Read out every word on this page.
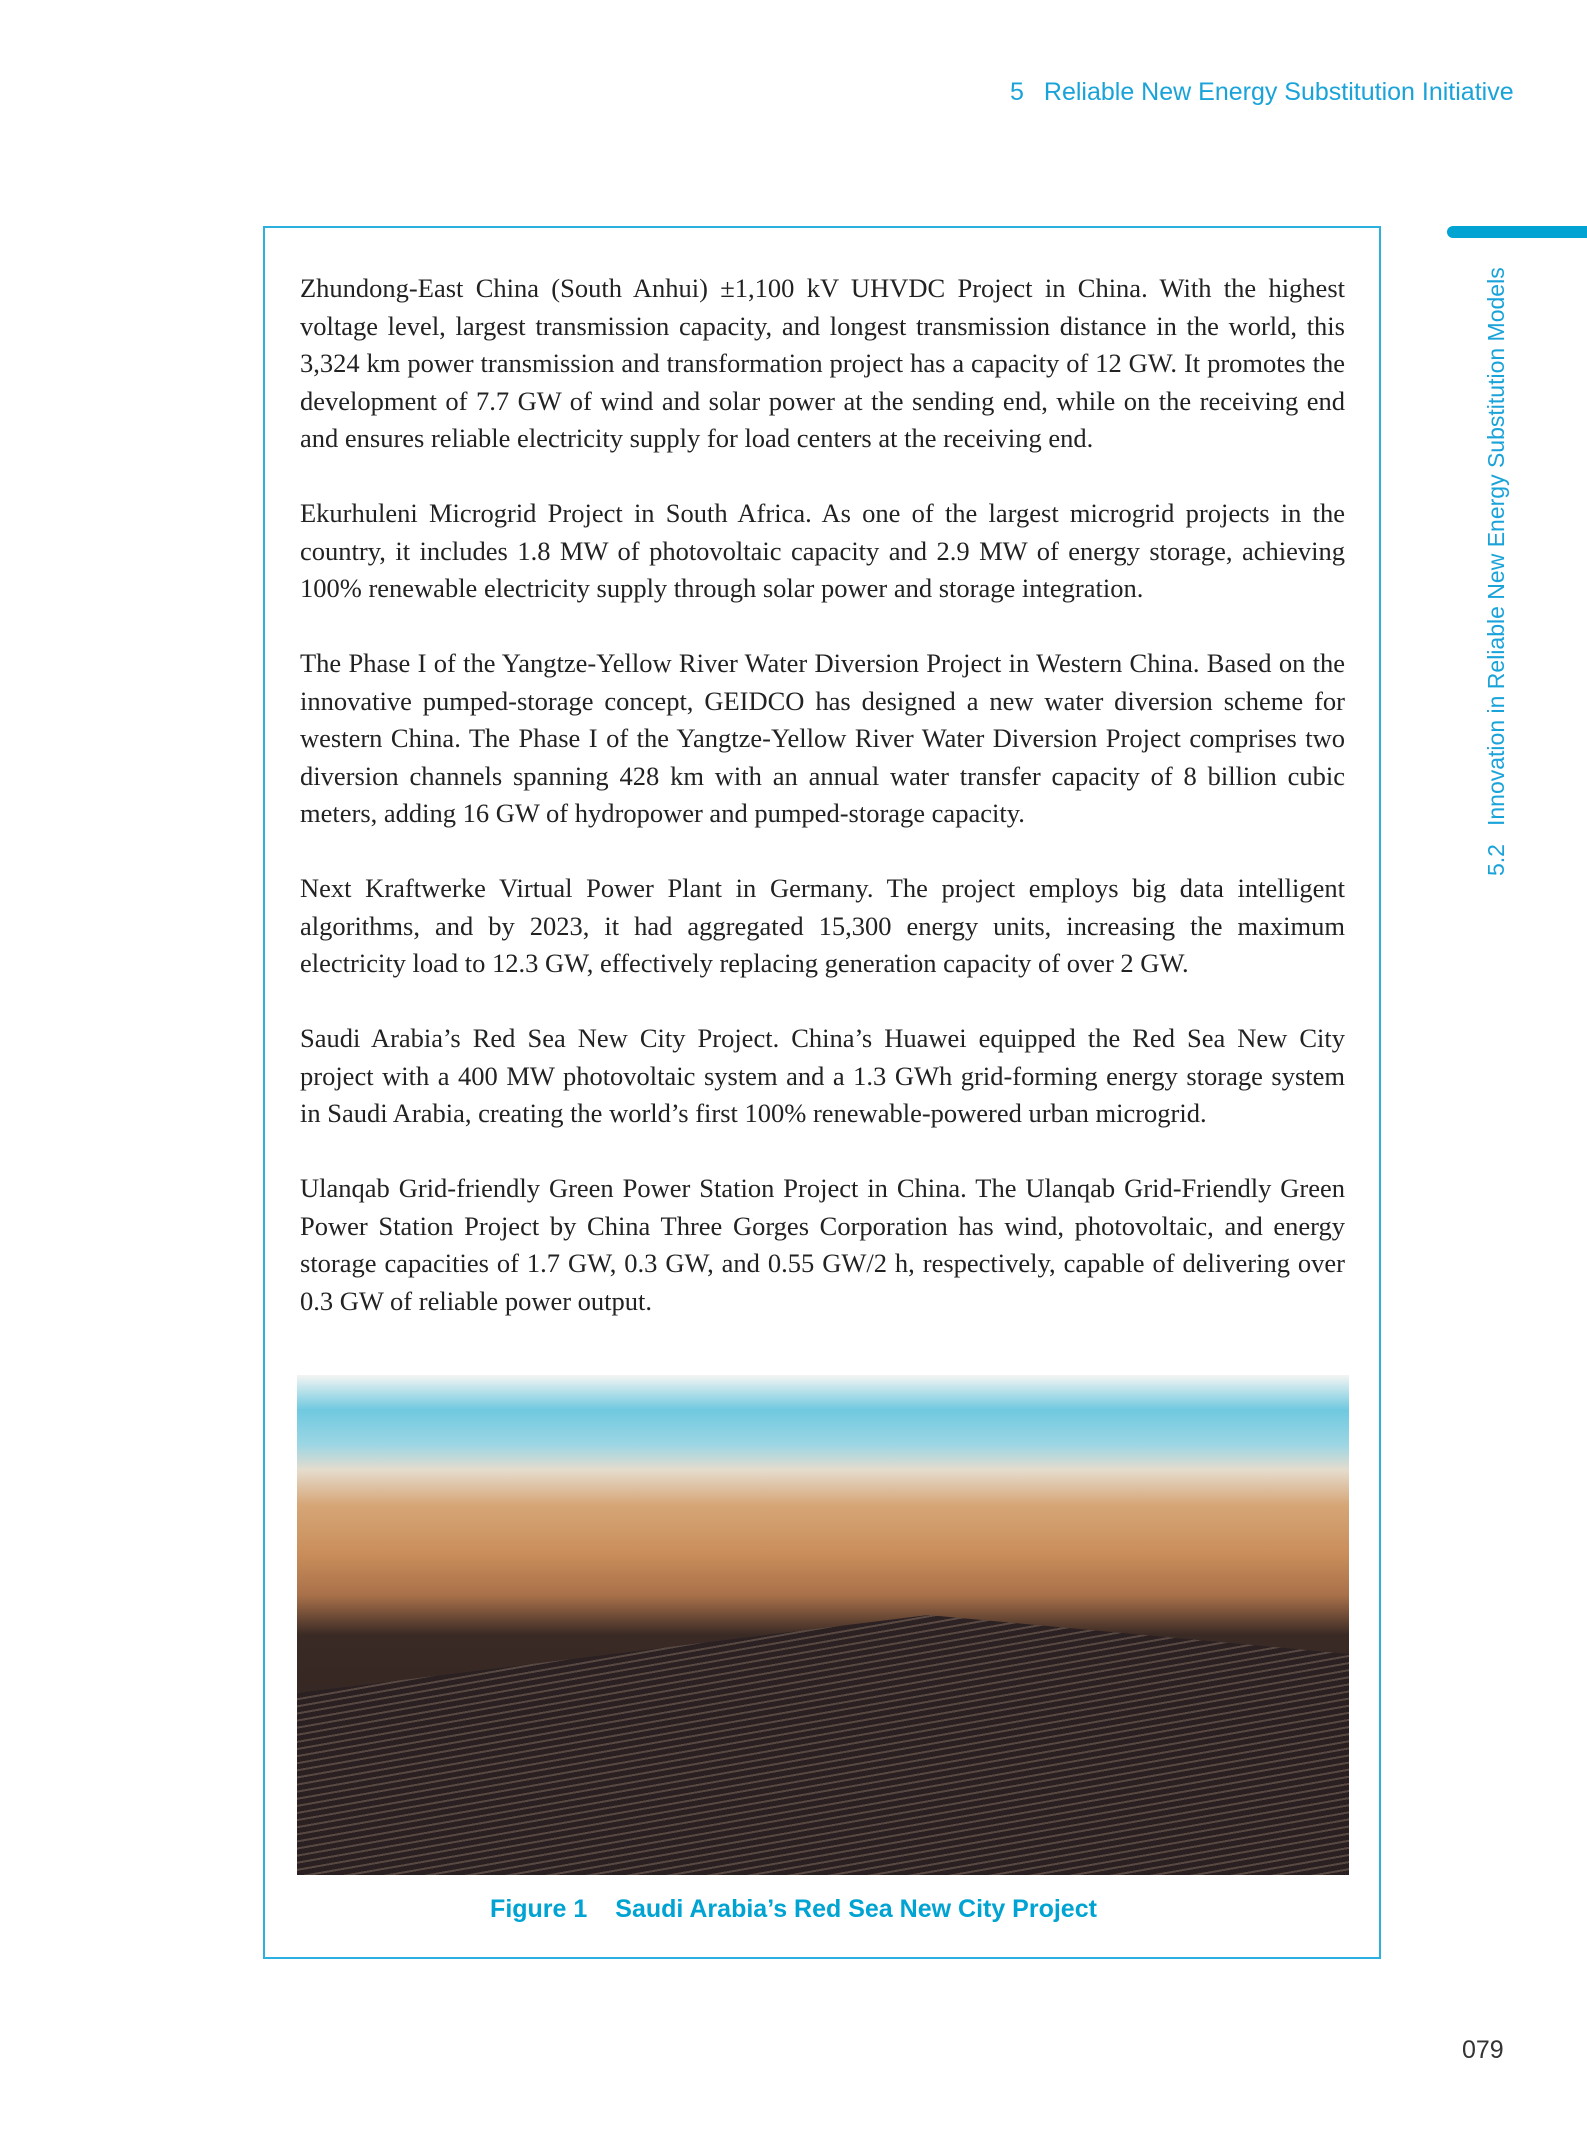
5 Reliable New Energy Substitution Initiative
5.2Innovation in Reliable New Energy Substitution Models

Zhundong-East China (South Anhui) ±1,100 kV UHVDC Project in China. With the highest voltage level, largest transmission capacity, and longest transmission distance in the world, this 3,324 km power transmission and transformation project has a capacity of 12 GW. It promotes the development of 7.7 GW of wind and solar power at the sending end, while on the receiving end and ensures reliable electricity supply for load centers at the receiving end.

Ekurhuleni Microgrid Project in South Africa. As one of the largest microgrid projects in the country, it includes 1.8 MW of photovoltaic capacity and 2.9 MW of energy storage, achieving 100% renewable electricity supply through solar power and storage integration.

The Phase I of the Yangtze-Yellow River Water Diversion Project in Western China. Based on the innovative pumped-storage concept, GEIDCO has designed a new water diversion scheme for western China. The Phase I of the Yangtze-Yellow River Water Diversion Project comprises two diversion channels spanning 428 km with an annual water transfer capacity of 8 billion cubic meters, adding 16 GW of hydropower and pumped-storage capacity.

Next Kraftwerke Virtual Power Plant in Germany. The project employs big data intelligent algorithms, and by 2023, it had aggregated 15,300 energy units, increasing the maximum electricity load to 12.3 GW, effectively replacing generation capacity of over 2 GW.

Saudi Arabia’s Red Sea New City Project. China’s Huawei equipped the Red Sea New City project with a 400 MW photovoltaic system and a 1.3 GWh grid-forming energy storage system in Saudi Arabia, creating the world’s first 100% renewable-powered urban microgrid.

Ulanqab Grid-friendly Green Power Station Project in China. The Ulanqab Grid-Friendly Green Power Station Project by China Three Gorges Corporation has wind, photovoltaic, and energy storage capacities of 1.7 GW, 0.3 GW, and 0.55 GW/2 h, respectively, capable of delivering over 0.3 GW of reliable power output.

Figure 1 Saudi Arabia’s Red Sea New City Project
079
